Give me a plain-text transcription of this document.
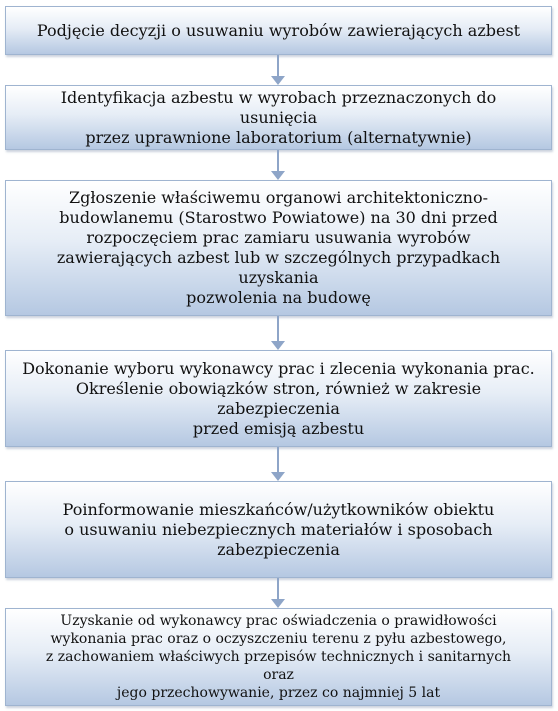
Podjęcie decyzji o usuwaniu wyrobów zawierających azbest
Identyfikacja azbestu w wyrobach przeznaczonych do usunięcia
przez uprawnione laboratorium (alternatywnie)
Zgłoszenie właściwemu organowi architektoniczno-
budowlanemu (Starostwo Powiatowe) na 30 dni przed
rozpoczęciem prac zamiaru usuwania wyrobów
zawierających azbest lub w szczególnych przypadkach uzyskania
pozwolenia na budowę
Dokonanie wyboru wykonawcy prac i zlecenia wykonania prac.
Określenie obowiązków stron, również w zakresie zabezpieczenia
przed emisją azbestu
Poinformowanie mieszkańców/użytkowników obiektu
o usuwaniu niebezpiecznych materiałów i sposobach
zabezpieczenia
Uzyskanie od wykonawcy prac oświadczenia o prawidłowości
wykonania prac oraz o oczyszczeniu terenu z pyłu azbestowego,
z zachowaniem właściwych przepisów technicznych i sanitarnych oraz
jego przechowywanie, przez co najmniej 5 lat
